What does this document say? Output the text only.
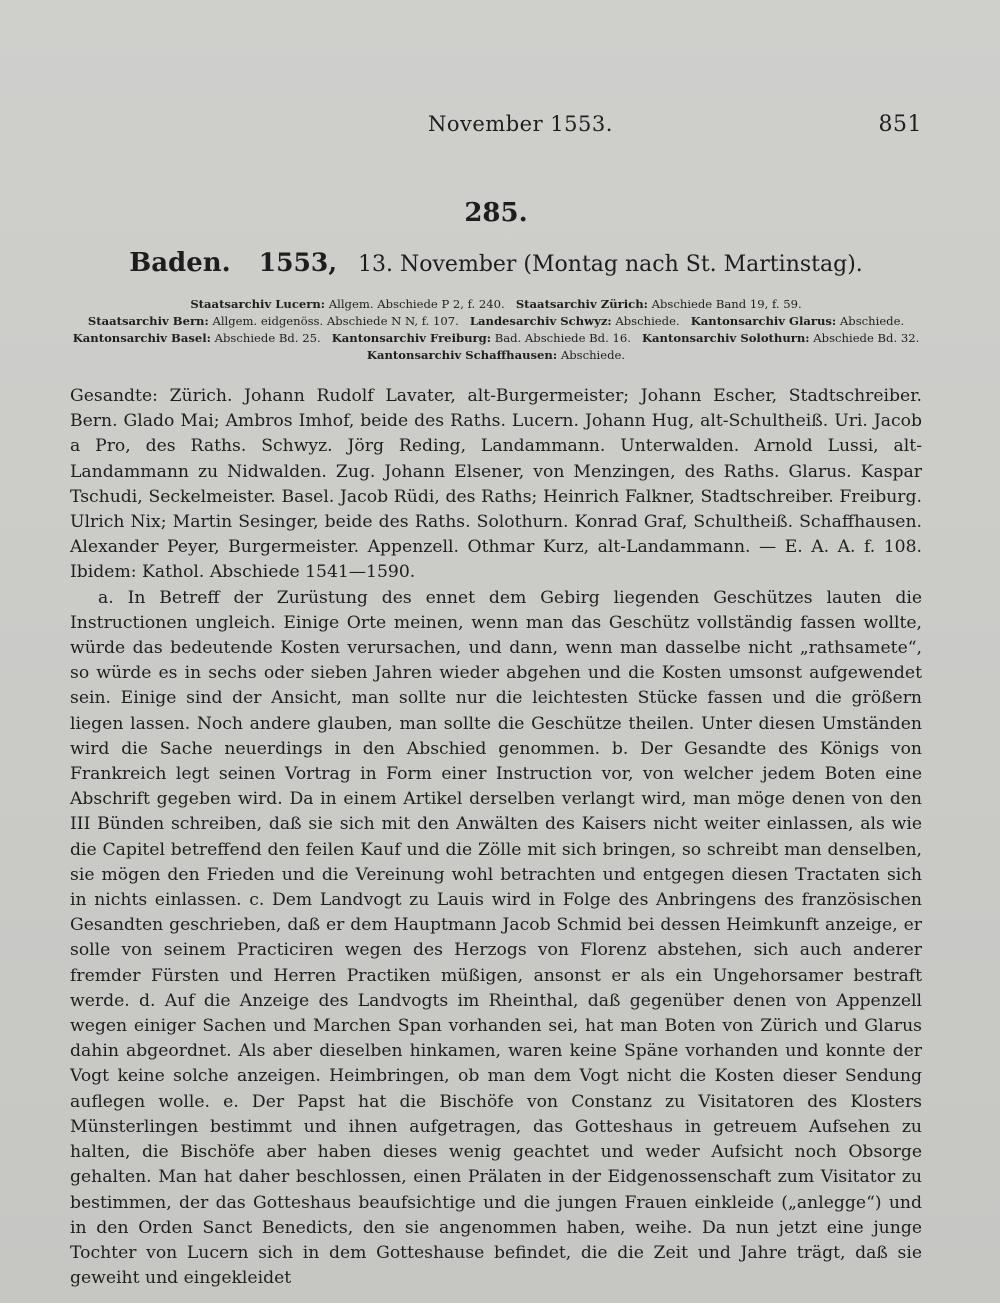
November 1553.	851
285.
Baden. 1553, 13. November (Montag nach St. Martinstag).

Staatsarchiv Lucern: Allgem. Abschiede P 2, f. 240. Staatsarchiv Zürich: Abschiede Band 19, f. 59.

Staatsarchiv Bern: Allgem. eidgenöss. Abschiede N N, f. 107. Landesarchiv Schwyz: Abschiede. Kantonsarchiv Glarus: Abschiede.

Kantonsarchiv Basel: Abschiede Bd. 25. Kantonsarchiv Freiburg: Bad. Abschiede Bd. 16. Kantonsarchiv Solothurn: Abschiede Bd. 32.

Kantonsarchiv Schaffhausen: Abschiede.

Gesandte: Zürich. Johann Rudolf Lavater, alt-Burgermeister; Johann Escher, Stadtschreiber. Bern. Glado Mai; Ambros Imhof, beide des Raths. Lucern. Johann Hug, alt-Schultheiß. Uri. Jacob a Pro, des Raths. Schwyz. Jörg Reding, Landammann. Unterwalden. Arnold Lussi, alt-Landammann zu Nidwalden. Zug. Johann Elsener, von Menzingen, des Raths. Glarus. Kaspar Tschudi, Seckelmeister. Basel. Jacob Rüdi, des Raths; Heinrich Falkner, Stadtschreiber. Freiburg. Ulrich Nix; Martin Sesinger, beide des Raths. Solothurn. Konrad Graf, Schultheiß. Schaffhausen. Alexander Peyer, Burgermeister. Appenzell. Othmar Kurz, alt-Landammann. — E. A. A. f. 108. Ibidem: Kathol. Abschiede 1541—1590.

a. In Betreff der Zurüstung des ennet dem Gebirg liegenden Geschützes lauten die Instructionen ungleich. Einige Orte meinen, wenn man das Geschütz vollständig fassen wollte, würde das bedeutende Kosten verursachen, und dann, wenn man dasselbe nicht „rathsamete“, so würde es in sechs oder sieben Jahren wieder abgehen und die Kosten umsonst aufgewendet sein. Einige sind der Ansicht, man sollte nur die leichtesten Stücke fassen und die größern liegen lassen. Noch andere glauben, man sollte die Geschütze theilen. Unter diesen Umständen wird die Sache neuerdings in den Abschied genommen. b. Der Gesandte des Königs von Frankreich legt seinen Vortrag in Form einer Instruction vor, von welcher jedem Boten eine Abschrift gegeben wird. Da in einem Artikel derselben verlangt wird, man möge denen von den III Bünden schreiben, daß sie sich mit den Anwälten des Kaisers nicht weiter einlassen, als wie die Capitel betreffend den feilen Kauf und die Zölle mit sich bringen, so schreibt man denselben, sie mögen den Frieden und die Vereinung wohl betrachten und entgegen diesen Tractaten sich in nichts einlassen. c. Dem Landvogt zu Lauis wird in Folge des Anbringens des französischen Gesandten geschrieben, daß er dem Hauptmann Jacob Schmid bei dessen Heimkunft anzeige, er solle von seinem Practiciren wegen des Herzogs von Florenz abstehen, sich auch anderer fremder Fürsten und Herren Practiken müßigen, ansonst er als ein Ungehorsamer bestraft werde. d. Auf die Anzeige des Landvogts im Rheinthal, daß gegenüber denen von Appenzell wegen einiger Sachen und Marchen Span vorhanden sei, hat man Boten von Zürich und Glarus dahin abgeordnet. Als aber dieselben hinkamen, waren keine Späne vorhanden und konnte der Vogt keine solche anzeigen. Heimbringen, ob man dem Vogt nicht die Kosten dieser Sendung auflegen wolle. e. Der Papst hat die Bischöfe von Constanz zu Visitatoren des Klosters Münsterlingen bestimmt und ihnen aufgetragen, das Gotteshaus in getreuem Aufsehen zu halten, die Bischöfe aber haben dieses wenig geachtet und weder Aufsicht noch Obsorge gehalten. Man hat daher beschlossen, einen Prälaten in der Eidgenossenschaft zum Visitator zu bestimmen, der das Gotteshaus beaufsichtige und die jungen Frauen einkleide („anlegge“) und in den Orden Sanct Benedicts, den sie angenommen haben, weihe. Da nun jetzt eine junge Tochter von Lucern sich in dem Gotteshause befindet, die die Zeit und Jahre trägt, daß sie geweiht und eingekleidet
